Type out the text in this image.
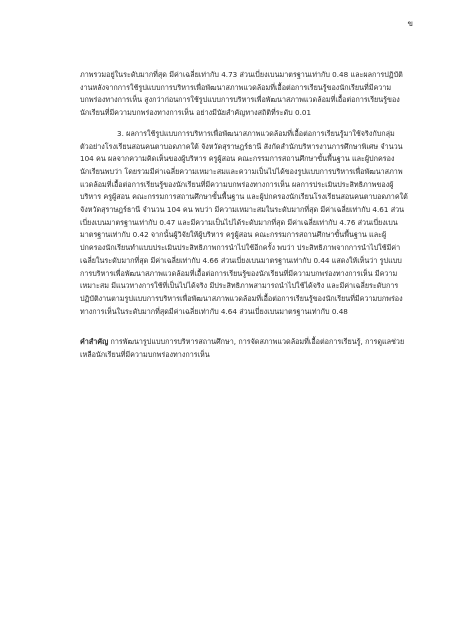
ข

ภาพรวมอยู่ในระดับมากที่สุด มีค่าเฉลี่ยเท่ากับ 4.73 ส่วนเบี่ยงเบนมาตรฐานเท่ากับ 0.48 และผลการปฏิบัติงานหลังจากการใช้รูปแบบการบริหารเพื่อพัฒนาสภาพแวดล้อมที่เอื้อต่อการเรียนรู้ของนักเรียนที่มีความบกพร่องทางการเห็น สูงกว่าก่อนการใช้รูปแบบการบริหารเพื่อพัฒนาสภาพแวดล้อมที่เอื้อต่อการเรียนรู้ของนักเรียนที่มีความบกพร่องทางการเห็น อย่างมีนัยสำคัญทางสถิติที่ระดับ 0.01

3. ผลการใช้รูปแบบการบริหารเพื่อพัฒนาสภาพแวดล้อมที่เอื้อต่อการเรียนรู้มาใช้จริงกับกลุ่มตัวอย่างโรงเรียนสอนคนตาบอดภาคใต้ จังหวัดสุราษฎร์ธานี สังกัดสำนักบริหารงานการศึกษาพิเศษ จำนวน 104 คน ผลจากความคิดเห็นของผู้บริหาร ครูผู้สอน คณะกรรมการสถานศึกษาขั้นพื้นฐาน และผู้ปกครองนักเรียนพบว่า โดยรวมมีค่าเฉลี่ยความเหมาะสมและความเป็นไปได้ของรูปแบบการบริหารเพื่อพัฒนาสภาพแวดล้อมที่เอื้อต่อการเรียนรู้ของนักเรียนที่มีความบกพร่องทางการเห็น ผลการประเมินประสิทธิภาพของผู้บริหาร ครูผู้สอน คณะกรรมการสถานศึกษาขั้นพื้นฐาน และผู้ปกครองนักเรียนโรงเรียนสอนคนตาบอดภาคใต้ จังหวัดสุราษฎร์ธานี จำนวน 104 คน พบว่า มีความเหมาะสมในระดับมากที่สุด มีค่าเฉลี่ยเท่ากับ 4.61 ส่วนเบี่ยงเบนมาตรฐานเท่ากับ 0.47 และมีความเป็นไปได้ระดับมากที่สุด มีค่าเฉลี่ยเท่ากับ 4.76 ส่วนเบี่ยงเบนมาตรฐานเท่ากับ 0.42 จากนั้นผู้วิจัยให้ผู้บริหาร ครูผู้สอน คณะกรรมการสถานศึกษาขั้นพื้นฐาน และผู้ปกครองนักเรียนทำแบบประเมินประสิทธิภาพการนำไปใช้อีกครั้ง พบว่า ประสิทธิภาพจากการนำไปใช้มีค่าเฉลี่ยในระดับมากที่สุด มีค่าเฉลี่ยเท่ากับ 4.66 ส่วนเบี่ยงเบนมาตรฐานเท่ากับ 0.44 แสดงให้เห็นว่า รูปแบบการบริหารเพื่อพัฒนาสภาพแวดล้อมที่เอื้อต่อการเรียนรู้ของนักเรียนที่มีความบกพร่องทางการเห็น มีความเหมาะสม มีแนวทางการใช้ที่เป็นไปได้จริง มีประสิทธิภาพสามารถนำไปใช้ได้จริง และมีค่าเฉลี่ยระดับการปฏิบัติงานตามรูปแบบการบริหารเพื่อพัฒนาสภาพแวดล้อมที่เอื้อต่อการเรียนรู้ของนักเรียนที่มีความบกพร่องทางการเห็นในระดับมากที่สุดมีค่าเฉลี่ยเท่ากับ 4.64 ส่วนเบี่ยงเบนมาตรฐานเท่ากับ 0.48

คำสำคัญ การพัฒนารูปแบบการบริหารสถานศึกษา, การจัดสภาพแวดล้อมที่เอื้อต่อการเรียนรู้, การดูแลช่วยเหลือนักเรียนที่มีความบกพร่องทางการเห็น
